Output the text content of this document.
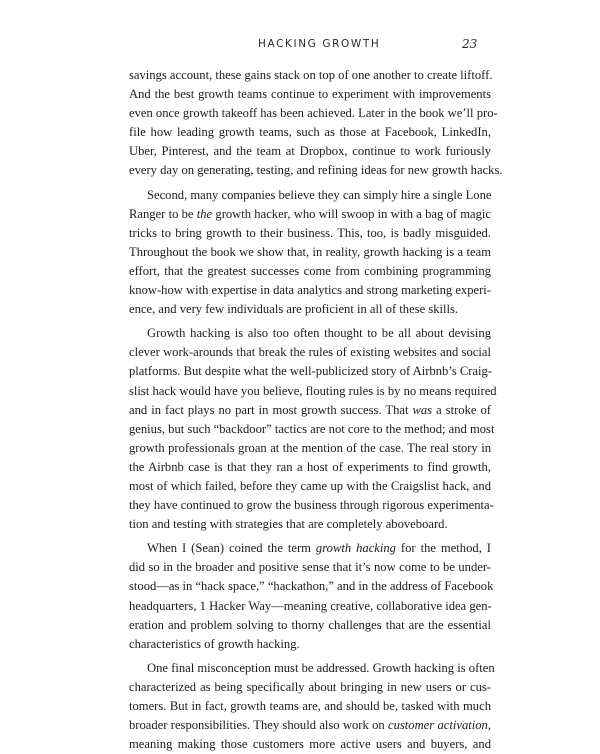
HACKING GROWTH	23
savings account, these gains stack on top of one another to create liftoff.
And the best growth teams continue to experiment with improvements
even once growth takeoff has been achieved. Later in the book we’ll pro-
file how leading growth teams, such as those at Facebook, LinkedIn,
Uber, Pinterest, and the team at Dropbox, continue to work furiously
every day on generating, testing, and refining ideas for new growth hacks.
Second, many companies believe they can simply hire a single Lone
Ranger to be the growth hacker, who will swoop in with a bag of magic
tricks to bring growth to their business. This, too, is badly misguided.
Throughout the book we show that, in reality, growth hacking is a team
effort, that the greatest successes come from combining programming
know-how with expertise in data analytics and strong marketing experi-
ence, and very few individuals are proficient in all of these skills.
Growth hacking is also too often thought to be all about devising
clever work-arounds that break the rules of existing websites and social
platforms. But despite what the well-publicized story of Airbnb’s Craig-
slist hack would have you believe, flouting rules is by no means required
and in fact plays no part in most growth success. That was a stroke of
genius, but such “backdoor” tactics are not core to the method; and most
growth professionals groan at the mention of the case. The real story in
the Airbnb case is that they ran a host of experiments to find growth,
most of which failed, before they came up with the Craigslist hack, and
they have continued to grow the business through rigorous experimenta-
tion and testing with strategies that are completely aboveboard.
When I (Sean) coined the term growth hacking for the method, I
did so in the broader and positive sense that it’s now come to be under-
stood—as in “hack space,” “hackathon,” and in the address of Facebook
headquarters, 1 Hacker Way—meaning creative, collaborative idea gen-
eration and problem solving to thorny challenges that are the essential
characteristics of growth hacking.
One final misconception must be addressed. Growth hacking is often
characterized as being specifically about bringing in new users or cus-
tomers. But in fact, growth teams are, and should be, tasked with much
broader responsibilities. They should also work on customer activation,
meaning making those customers more active users and buyers, and
